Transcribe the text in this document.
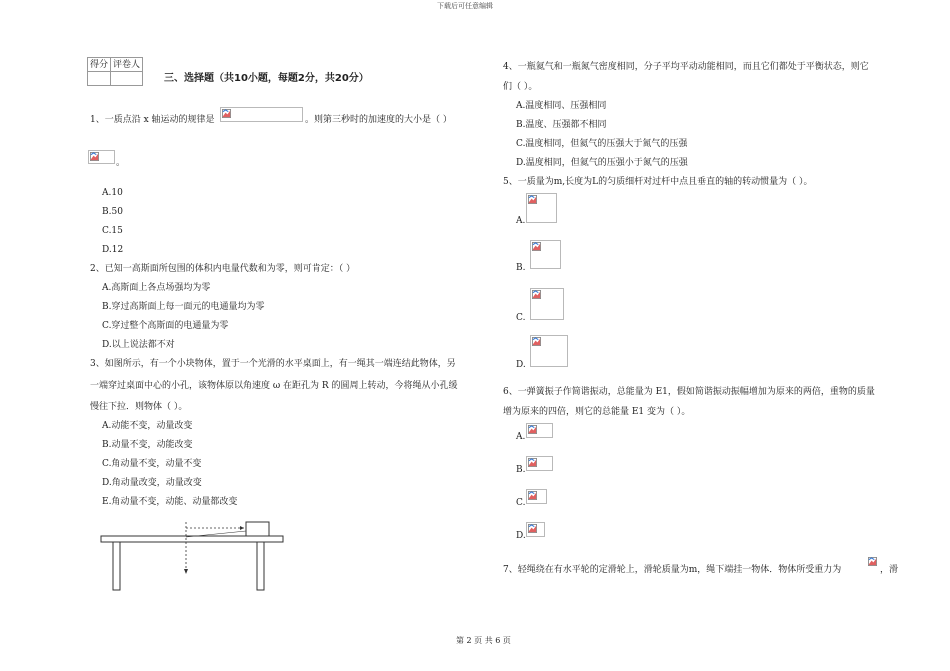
下载后可任意编辑
得分	评卷人

三、选择题（共10小题，每题2分，共20分）
1、一质点沿 x 轴运动的规律是	。则第三秒时的加速度的大小是（ ）
。
A.10
B.50
C.15
D.12
2、已知一高斯面所包围的体积内电量代数和为零，则可肯定：（ ）
A.高斯面上各点场强均为零
B.穿过高斯面上每一面元的电通量均为零
C.穿过整个高斯面的电通量为零
D.以上说法都不对
3、如图所示，有一个小块物体，置于一个光滑的水平桌面上，有一绳其一端连结此物体，另
一端穿过桌面中心的小孔，该物体原以角速度 ω 在距孔为 R 的圆周上转动，今将绳从小孔缓
慢往下拉．则物体（ ）。
A.动能不变，动量改变
B.动量不变，动能改变
C.角动量不变，动量不变
D.角动量改变，动量改变
E.角动量不变，动能、动量都改变
4、一瓶氦气和一瓶氮气密度相同，分子平均平动动能相同，而且它们都处于平衡状态，则它
们（ ）。
A.温度相同、压强相同
B.温度、压强都不相同
C.温度相同，但氦气的压强大于氮气的压强
D.温度相同，但氦气的压强小于氮气的压强
5、一质量为m,长度为L的匀质细杆对过杆中点且垂直的轴的转动惯量为（ ）。
A.
B.
C.
D.
6、一弹簧振子作简谐振动，总能量为 E1，假如简谐振动振幅增加为原来的两倍，重物的质量
增为原来的四倍，则它的总能量 E1 变为（ ）。
A.
B.
C.
D.
7、轻绳绕在有水平轮的定滑轮上，滑轮质量为m，绳下端挂一物体．物体所受重力为	，滑
第 2 页 共 6 页
